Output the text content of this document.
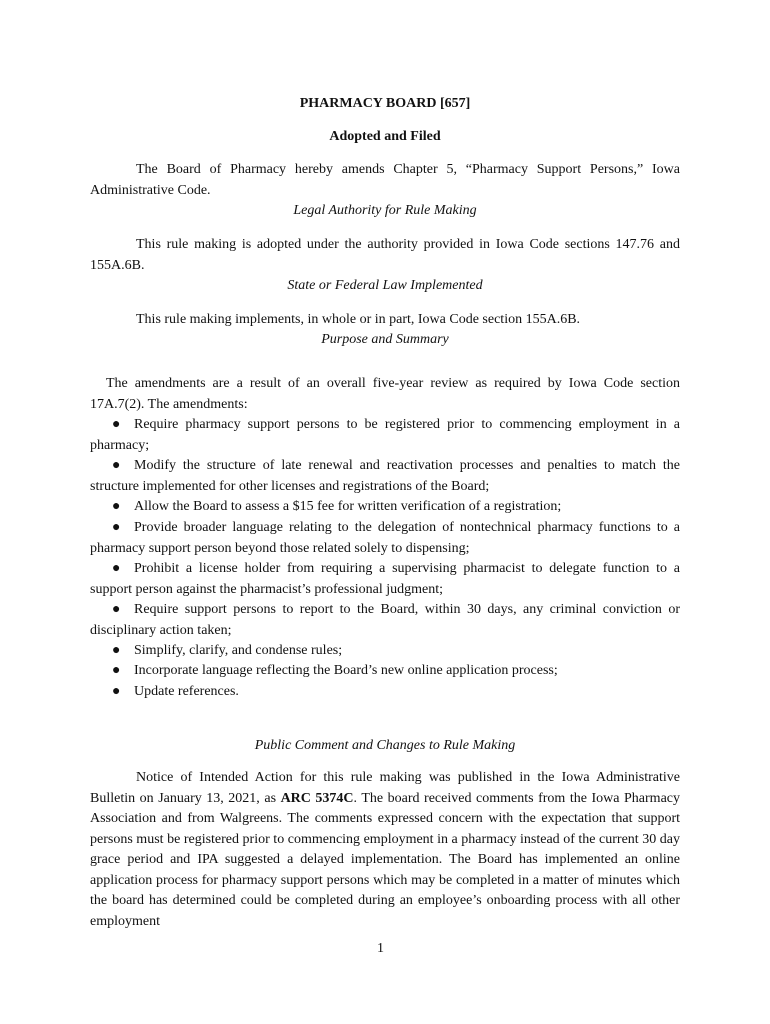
PHARMACY BOARD [657]
Adopted and Filed
The Board of Pharmacy hereby amends Chapter 5, “Pharmacy Support Persons,” Iowa Administrative Code.
Legal Authority for Rule Making
This rule making is adopted under the authority provided in Iowa Code sections 147.76 and 155A.6B.
State or Federal Law Implemented
This rule making implements, in whole or in part, Iowa Code section 155A.6B.
Purpose and Summary
The amendments are a result of an overall five-year review as required by Iowa Code section 17A.7(2). The amendments:
● Require pharmacy support persons to be registered prior to commencing employment in a pharmacy;
● Modify the structure of late renewal and reactivation processes and penalties to match the structure implemented for other licenses and registrations of the Board;
● Allow the Board to assess a $15 fee for written verification of a registration;
● Provide broader language relating to the delegation of nontechnical pharmacy functions to a pharmacy support person beyond those related solely to dispensing;
● Prohibit a license holder from requiring a supervising pharmacist to delegate function to a support person against the pharmacist’s professional judgment;
● Require support persons to report to the Board, within 30 days, any criminal conviction or disciplinary action taken;
● Simplify, clarify, and condense rules;
● Incorporate language reflecting the Board’s new online application process;
● Update references.
Public Comment and Changes to Rule Making
Notice of Intended Action for this rule making was published in the Iowa Administrative Bulletin on January 13, 2021, as ARC 5374C. The board received comments from the Iowa Pharmacy Association and from Walgreens. The comments expressed concern with the expectation that support persons must be registered prior to commencing employment in a pharmacy instead of the current 30 day grace period and IPA suggested a delayed implementation. The Board has implemented an online application process for pharmacy support persons which may be completed in a matter of minutes which the board has determined could be completed during an employee’s onboarding process with all other employment
1
